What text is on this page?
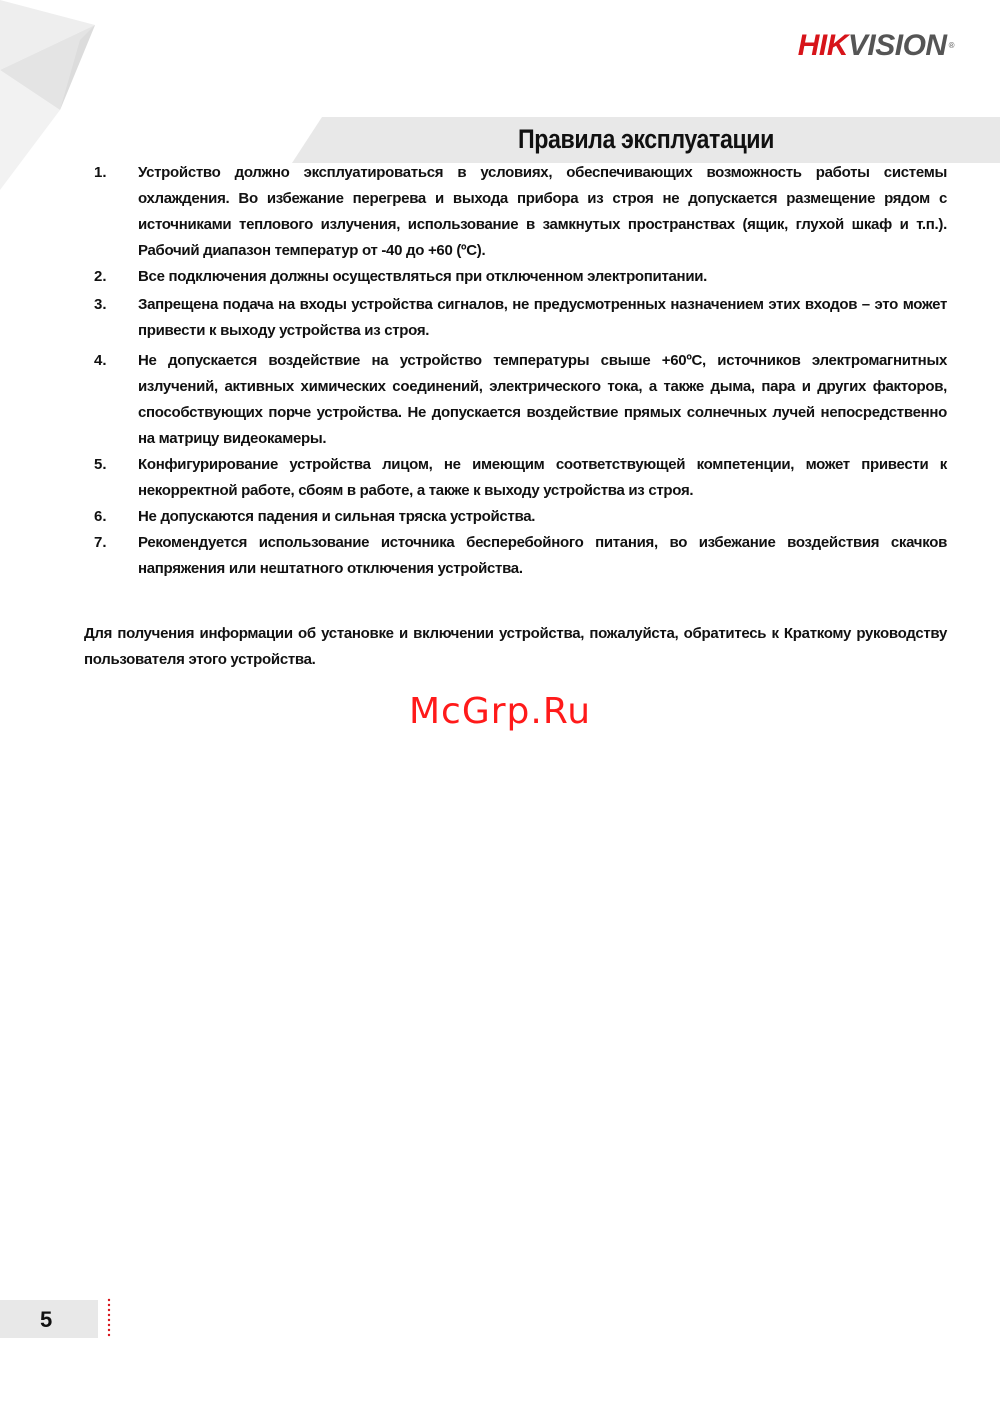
HIKVISION ®
Правила эксплуатации
1.	Устройство должно эксплуатироваться в условиях, обеспечивающих возможность работы системы охлаждения. Во избежание перегрева и выхода прибора из строя не допускается размещение рядом с источниками теплового излучения, использование в замкнутых пространствах (ящик, глухой шкаф и т.п.). Рабочий диапазон температур от -40 до +60 (ºС).
2.	Все подключения должны осуществляться при отключенном электропитании.
3.	Запрещена подача на входы устройства сигналов, не предусмотренных назначением этих входов – это может привести к выходу устройства из строя.
4.	Не допускается воздействие на устройство температуры свыше +60ºС, источников электромагнитных излучений, активных химических соединений, электрического тока, а также дыма, пара и других факторов, способствующих порче устройства. Не допускается воздействие прямых солнечных лучей непосредственно на матрицу видеокамеры.
5.	Конфигурирование устройства лицом, не имеющим соответствующей компетенции, может привести к некорректной работе, сбоям в работе, а также к выходу устройства из строя.
6.	Не допускаются падения и сильная тряска устройства.
7.	Рекомендуется использование источника бесперебойного питания, во избежание воздействия скачков напряжения или нештатного отключения устройства.

Для получения информации об установке и включении устройства, пожалуйста, обратитесь к Краткому руководству пользователя этого устройства.

McGrp.Ru
5
